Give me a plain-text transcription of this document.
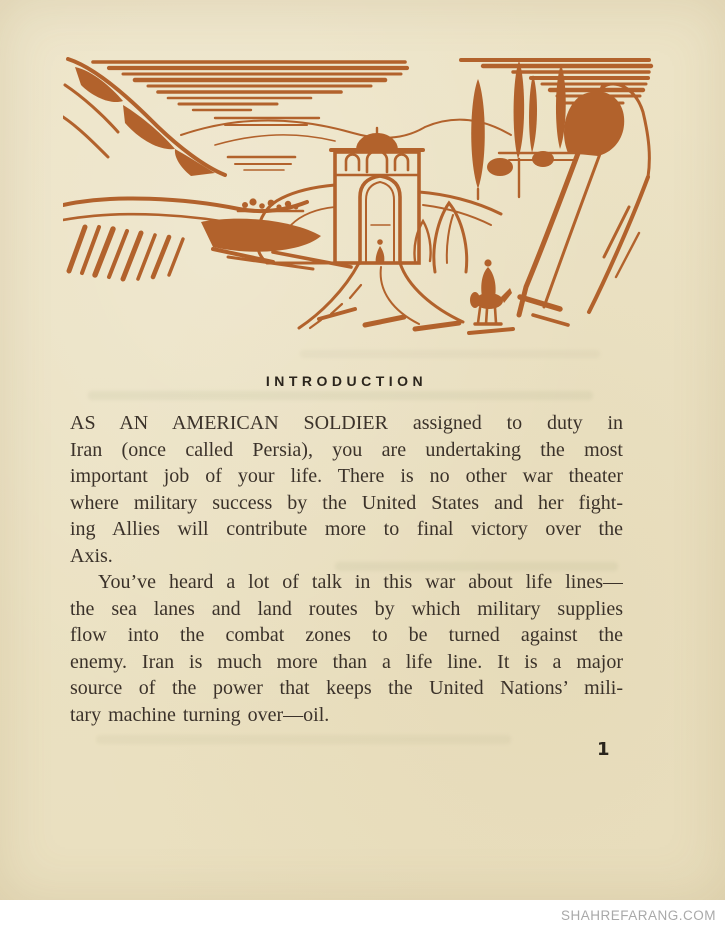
INTRODUCTION
AS AN AMERICAN SOLDIER assigned to duty in
Iran (once called Persia), you are undertaking the most
important job of your life. There is no other war theater
where military success by the United States and her fight-
ing Allies will contribute more to final victory over the
Axis.
You’ve heard a lot of talk in this war about life lines—
the sea lanes and land routes by which military supplies
flow into the combat zones to be turned against the
enemy. Iran is much more than a life line. It is a major
source of the power that keeps the United Nations’ mili-
tary machine turning over—oil.
1
SHAHREFARANG.COM
